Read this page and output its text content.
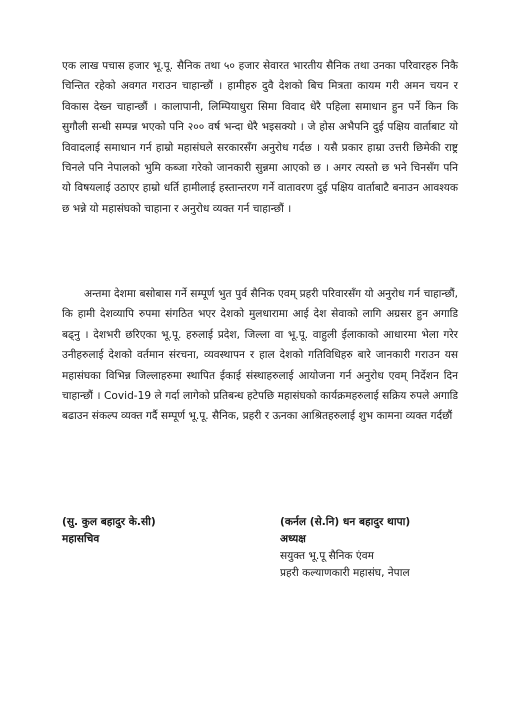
एक लाख पचास हजार भू.पू. सैनिक तथा ५० हजार सेवारत भारतीय सैनिक तथा उनका परिवारहरु निकै चिन्तित रहेको अवगत गराउन चाहान्छौं । हामीहरु दुवै देशको बिच मित्रता कायम गरी अमन चयन र विकास देख्न चाहान्छौं । कालापानी, लिम्पियाधुरा सिमा विवाद धेरै पहिला समाधान हुन पर्ने किन कि सुगौली सन्धी सम्पन्न भएको पनि २०० वर्ष भन्दा धेरै भइसक्यो । जे होस अभैपनि दुई पक्षिय वार्ताबाट यो विवादलाई समाधान गर्न हाम्रो महासंघले सरकारसँग अनुरोध गर्दछ । यसै प्रकार हाम्रा उत्तरी छिमेकी राष्ट्र चिनले पनि नेपालको भुमि कब्जा गरेको जानकारी सुन्नमा आएको छ । अगर त्यस्तो छ भने चिनसँग पनि यो विषयलाई उठाएर हाम्रो धर्ति हामीलाई हस्तान्तरण गर्ने वातावरण दुई पक्षिय वार्ताबाटै बनाउन आवश्यक छ भन्ने यो महासंघको चाहाना र अनुरोध व्यक्त गर्न चाहान्छौं ।

अन्तमा देशमा बसोबास गर्ने सम्पूर्ण भुत पुर्व सैनिक एवम् प्रहरी परिवारसँग यो अनुरोध गर्न चाहान्छौं, कि हामी देशव्यापि रुपमा संगठित भएर देशको मुलधारामा आई देश सेवाको लागि अग्रसर हुन अगाडि बढ्नु । देशभरी छरिएका भू.पू. हरुलाई प्रदेश, जिल्ला वा भू.पू. वाहुली ईलाकाको आधारमा भेला गरेर उनीहरुलाई देशको वर्तमान संरचना, व्यवस्थापन र हाल देशको गतिविधिहरु बारे जानकारी गराउन यस महासंघका विभिन्न जिल्लाहरुमा स्थापित ईकाई संस्थाहरुलाई आयोजना गर्न अनुरोध एवम् निर्देशन दिन चाहान्छौं । Covid-19 ले गर्दा लागेको प्रतिबन्ध हटेपछि महासंघको कार्यक्रमहरुलाई सक्रिय रुपले अगाडि बढाउन संकल्प व्यक्त गर्दै सम्पूर्ण भू.पू. सैनिक, प्रहरी र ऊनका आश्रितहरुलाई शुभ कामना व्यक्त गर्दछौं

(सु. कुल बहादुर के.सी)
महासचिव
(कर्नल (से.नि) धन बहादुर थापा)
अध्यक्ष
सयुक्त भू.पू सैनिक एंवम
प्रहरी कल्याणकारी महासंघ, नेपाल
